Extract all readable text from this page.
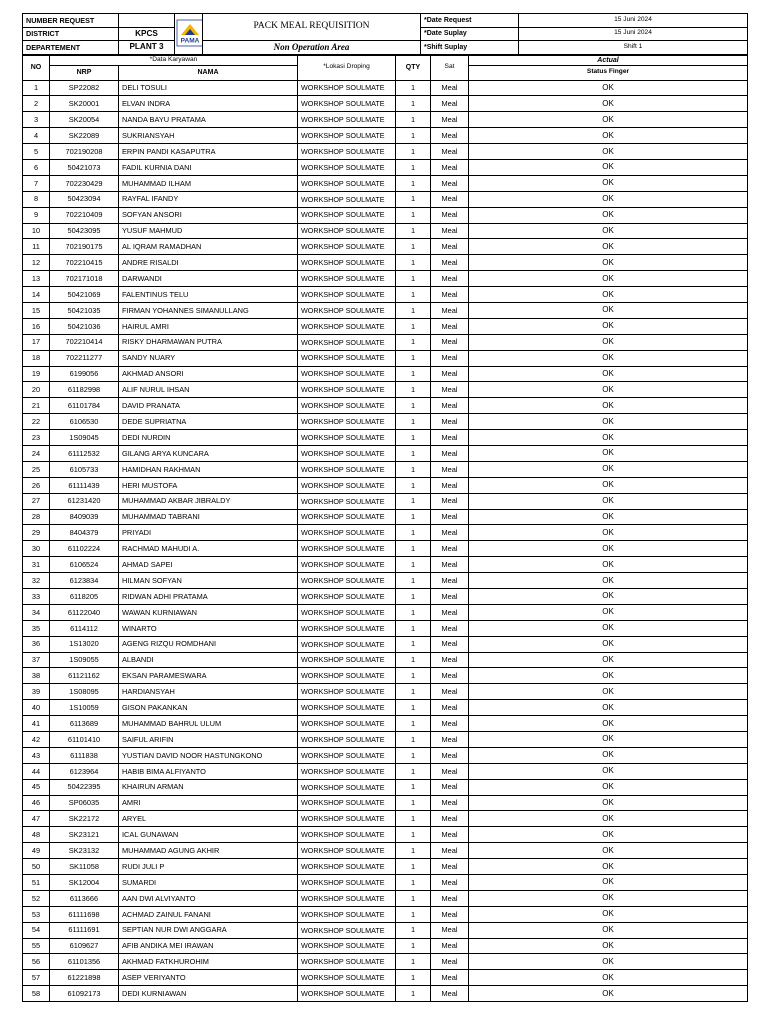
NUMBER REQUEST		PAMA	PACK MEAL REQUISITION	*Date Request	15 Juni 2024
DISTRICT	KPCS			*Date Suplay	15 Juni 2024
DEPARTEMENT	PLANT 3		Non Operation Area	*Shift Suplay	Shift 1
NO	*Data Karyawan		*Lokasi Droping	QTY	Sat	Actual
	NRP	NAMA				Status Finger
1	SP22082	DELI TOSULI	WORKSHOP SOULMATE	1	Meal	OK
2	SK20001	ELVAN INDRA	WORKSHOP SOULMATE	1	Meal	OK
3	SK20054	NANDA BAYU PRATAMA	WORKSHOP SOULMATE	1	Meal	OK
4	SK22089	SUKRIANSYAH	WORKSHOP SOULMATE	1	Meal	OK
5	702190208	ERPIN PANDI KASAPUTRA	WORKSHOP SOULMATE	1	Meal	OK
6	50421073	FADIL KURNIA DANI	WORKSHOP SOULMATE	1	Meal	OK
7	702230429	MUHAMMAD ILHAM	WORKSHOP SOULMATE	1	Meal	OK
8	50423094	RAYFAL IFANDY	WORKSHOP SOULMATE	1	Meal	OK
9	702210409	SOFYAN ANSORI	WORKSHOP SOULMATE	1	Meal	OK
10	50423095	YUSUF MAHMUD	WORKSHOP SOULMATE	1	Meal	OK
11	702190175	AL IQRAM RAMADHAN	WORKSHOP SOULMATE	1	Meal	OK
12	702210415	ANDRE RISALDI	WORKSHOP SOULMATE	1	Meal	OK
13	702171018	DARWANDI	WORKSHOP SOULMATE	1	Meal	OK
14	50421069	FALENTINUS TELU	WORKSHOP SOULMATE	1	Meal	OK
15	50421035	FIRMAN YOHANNES SIMANULLANG	WORKSHOP SOULMATE	1	Meal	OK
16	50421036	HAIRUL AMRI	WORKSHOP SOULMATE	1	Meal	OK
17	702210414	RISKY DHARMAWAN PUTRA	WORKSHOP SOULMATE	1	Meal	OK
18	702211277	SANDY NUARY	WORKSHOP SOULMATE	1	Meal	OK
19	6199056	AKHMAD ANSORI	WORKSHOP SOULMATE	1	Meal	OK
20	61182998	ALIF NURUL IHSAN	WORKSHOP SOULMATE	1	Meal	OK
21	61101784	DAVID PRANATA	WORKSHOP SOULMATE	1	Meal	OK
22	6106530	DEDE SUPRIATNA	WORKSHOP SOULMATE	1	Meal	OK
23	1S09045	DEDI NURDIN	WORKSHOP SOULMATE	1	Meal	OK
24	61112532	GILANG ARYA KUNCARA	WORKSHOP SOULMATE	1	Meal	OK
25	6105733	HAMIDHAN RAKHMAN	WORKSHOP SOULMATE	1	Meal	OK
26	61111439	HERI MUSTOFA	WORKSHOP SOULMATE	1	Meal	OK
27	61231420	MUHAMMAD AKBAR JIBRALDY	WORKSHOP SOULMATE	1	Meal	OK
28	8409039	MUHAMMAD TABRANI	WORKSHOP SOULMATE	1	Meal	OK
29	8404379	PRIYADI	WORKSHOP SOULMATE	1	Meal	OK
30	61102224	RACHMAD MAHUDI A.	WORKSHOP SOULMATE	1	Meal	OK
31	6106524	AHMAD SAPEI	WORKSHOP SOULMATE	1	Meal	OK
32	6123834	HILMAN SOFYAN	WORKSHOP SOULMATE	1	Meal	OK
33	6118205	RIDWAN ADHI PRATAMA	WORKSHOP SOULMATE	1	Meal	OK
34	61122040	WAWAN KURNIAWAN	WORKSHOP SOULMATE	1	Meal	OK
35	6114112	WINARTO	WORKSHOP SOULMATE	1	Meal	OK
36	1S13020	AGENG RIZQU ROMDHANI	WORKSHOP SOULMATE	1	Meal	OK
37	1S09055	ALBANDI	WORKSHOP SOULMATE	1	Meal	OK
38	61121162	EKSAN PARAMESWARA	WORKSHOP SOULMATE	1	Meal	OK
39	1S08095	HARDIANSYAH	WORKSHOP SOULMATE	1	Meal	OK
40	1S10059	GISON PAKANKAN	WORKSHOP SOULMATE	1	Meal	OK
41	6113689	MUHAMMAD BAHRUL ULUM	WORKSHOP SOULMATE	1	Meal	OK
42	61101410	SAIFUL ARIFIN	WORKSHOP SOULMATE	1	Meal	OK
43	6111838	YUSTIAN DAVID NOOR HASTUNGKONO	WORKSHOP SOULMATE	1	Meal	OK
44	6123964	HABIB BIMA ALFIYANTO	WORKSHOP SOULMATE	1	Meal	OK
45	50422395	KHAIRUN ARMAN	WORKSHOP SOULMATE	1	Meal	OK
46	SP06035	AMRI	WORKSHOP SOULMATE	1	Meal	OK
47	SK22172	ARYEL	WORKSHOP SOULMATE	1	Meal	OK
48	SK23121	ICAL GUNAWAN	WORKSHOP SOULMATE	1	Meal	OK
49	SK23132	MUHAMMAD AGUNG AKHIR	WORKSHOP SOULMATE	1	Meal	OK
50	SK11058	RUDI JULI P	WORKSHOP SOULMATE	1	Meal	OK
51	SK12004	SUMARDI	WORKSHOP SOULMATE	1	Meal	OK
52	6113666	AAN DWI ALVIYANTO	WORKSHOP SOULMATE	1	Meal	OK
53	61111698	ACHMAD ZAINUL FANANI	WORKSHOP SOULMATE	1	Meal	OK
54	61111691	SEPTIAN NUR DWI ANGGARA	WORKSHOP SOULMATE	1	Meal	OK
55	6109627	AFIB ANDIKA MEI IRAWAN	WORKSHOP SOULMATE	1	Meal	OK
56	61101356	AKHMAD FATKHUROHIM	WORKSHOP SOULMATE	1	Meal	OK
57	61221898	ASEP VERIYANTO	WORKSHOP SOULMATE	1	Meal	OK
58	61092173	DEDI KURNIAWAN	WORKSHOP SOULMATE	1	Meal	OK
